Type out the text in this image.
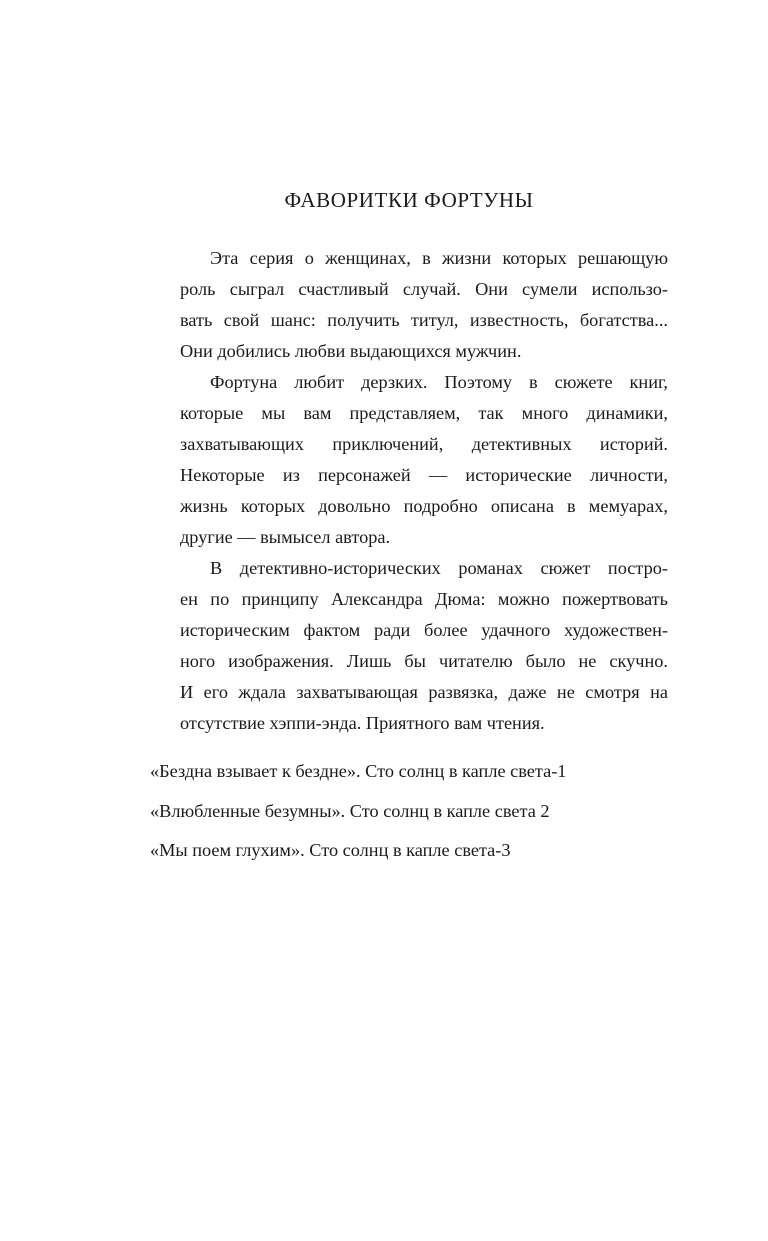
ФАВОРИТКИ ФОРТУНЫ
Эта серия о женщинах, в жизни которых решающую
роль сыграл счастливый случай. Они сумели использо-
вать свой шанс: получить титул, известность, богатства...
Они добились любви выдающихся мужчин.
Фортуна любит дерзких. Поэтому в сюжете книг,
которые мы вам представляем, так много динамики,
захватывающих приключений, детективных историй.
Некоторые из персонажей — исторические личности,
жизнь которых довольно подробно описана в мемуарах,
другие — вымысел автора.
В детективно-исторических романах сюжет постро-
ен по принципу Александра Дюма: можно пожертвовать
историческим фактом ради более удачного художествен-
ного изображения. Лишь бы читателю было не скучно.
И его ждала захватывающая развязка, даже не смотря на
отсутствие хэппи-энда. Приятного вам чтения.
«Бездна взывает к бездне». Сто солнц в капле света-1
«Влюбленные безумны». Сто солнц в капле света 2
«Мы поем глухим». Сто солнц в капле света-3
